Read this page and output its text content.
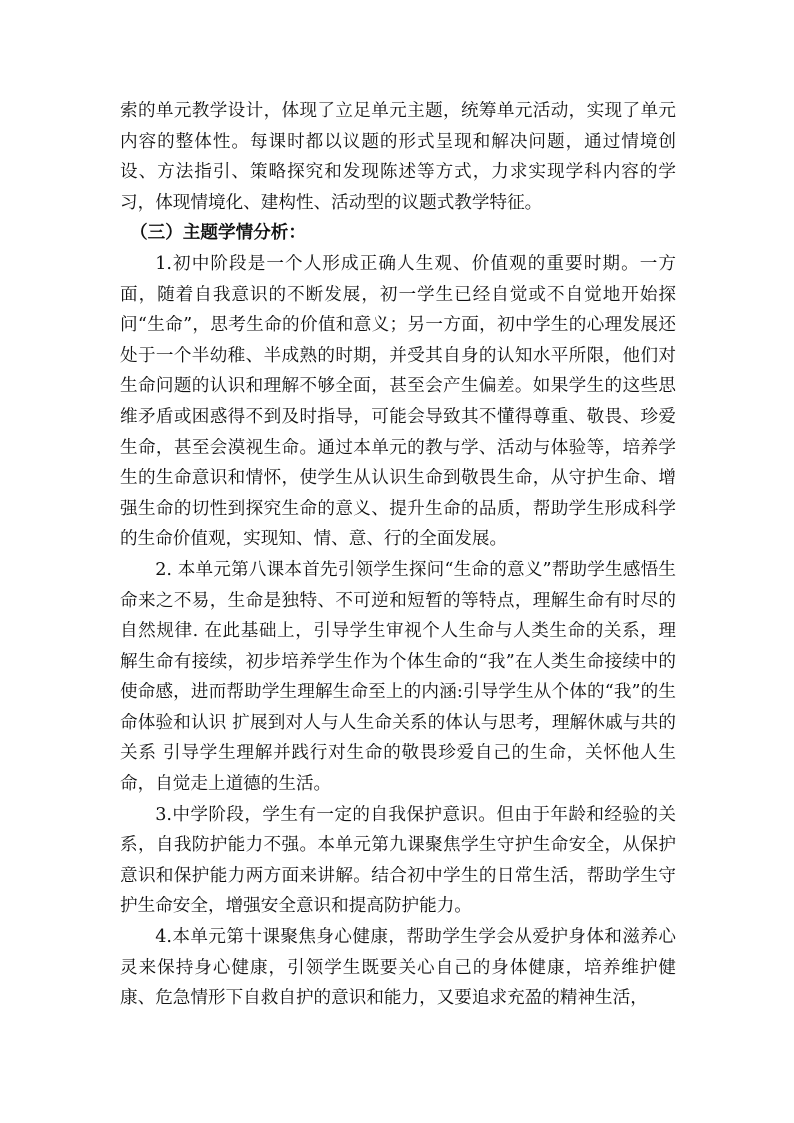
索的单元教学设计，体现了立足单元主题，统筹单元活动，实现了单元内容的整体性。每课时都以议题的形式呈现和解决问题，通过情境创设、方法指引、策略探究和发现陈述等方式，力求实现学科内容的学习，体现情境化、建构性、活动型的议题式教学特征。

（三）主题学情分析：

1.初中阶段是一个人形成正确人生观、价值观的重要时期。一方面，随着自我意识的不断发展，初一学生已经自觉或不自觉地开始探问“生命”，思考生命的价值和意义；另一方面，初中学生的心理发展还处于一个半幼稚、半成熟的时期，并受其自身的认知水平所限，他们对生命问题的认识和理解不够全面，甚至会产生偏差。如果学生的这些思维矛盾或困惑得不到及时指导，可能会导致其不懂得尊重、敬畏、珍爱生命，甚至会漠视生命。通过本单元的教与学、活动与体验等，培养学生的生命意识和情怀，使学生从认识生命到敬畏生命，从守护生命、增强生命的切性到探究生命的意义、提升生命的品质，帮助学生形成科学的生命价值观，实现知、情、意、行的全面发展。

2. 本单元第八课本首先引领学生探问“生命的意义”帮助学生感悟生命来之不易，生命是独特、不可逆和短暂的等特点，理解生命有时尽的自然规律. 在此基础上，引导学生审视个人生命与人类生命的关系，理解生命有接续，初步培养学生作为个体生命的“我”在人类生命接续中的使命感，进而帮助学生理解生命至上的内涵:引导学生从个体的“我”的生命体验和认识 扩展到对人与人生命关系的体认与思考，理解休戚与共的关系 引导学生理解并践行对生命的敬畏珍爱自己的生命，关怀他人生命，自觉走上道德的生活。

3.中学阶段，学生有一定的自我保护意识。但由于年龄和经验的关系，自我防护能力不强。本单元第九课聚焦学生守护生命安全，从保护意识和保护能力两方面来讲解。结合初中学生的日常生活，帮助学生守护生命安全，增强安全意识和提高防护能力。

4.本单元第十课聚焦身心健康，帮助学生学会从爱护身体和滋养心灵来保持身心健康，引领学生既要关心自己的身体健康，培养维护健康、危急情形下自救自护的意识和能力，又要追求充盈的精神生活，
